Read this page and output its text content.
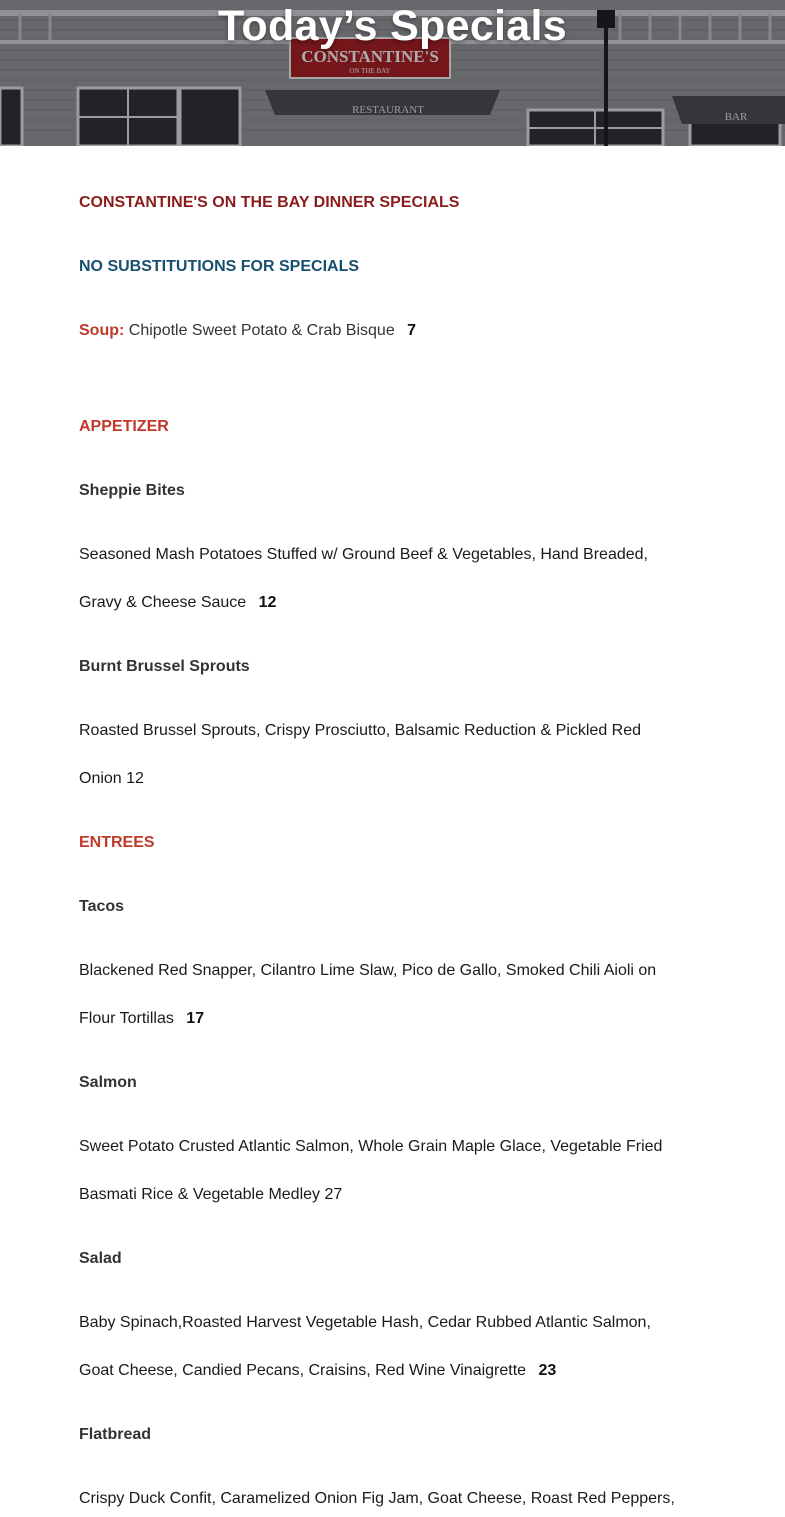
CONSTANTINE'S
ON THE BAY
RESTAURANT
BAR
Today’s Specials
CONSTANTINE'S ON THE BAY DINNER SPECIALS
NO SUBSTITUTIONS FOR SPECIALS
Soup: Chipotle Sweet Potato & Crab Bisque 7
APPETIZER
Sheppie Bites
Seasoned Mash Potatoes Stuffed w/ Ground Beef & Vegetables, Hand Breaded,
Gravy & Cheese Sauce 12
Burnt Brussel Sprouts
Roasted Brussel Sprouts, Crispy Prosciutto, Balsamic Reduction & Pickled Red
Onion 12
ENTREES
Tacos
Blackened Red Snapper, Cilantro Lime Slaw, Pico de Gallo, Smoked Chili Aioli on
Flour Tortillas 17
Salmon
Sweet Potato Crusted Atlantic Salmon, Whole Grain Maple Glace, Vegetable Fried
Basmati Rice & Vegetable Medley 27
Salad
Baby Spinach,Roasted Harvest Vegetable Hash, Cedar Rubbed Atlantic Salmon,
Goat Cheese, Candied Pecans, Craisins, Red Wine Vinaigrette 23
Flatbread
Crispy Duck Confit, Caramelized Onion Fig Jam, Goat Cheese, Roast Red Peppers,
